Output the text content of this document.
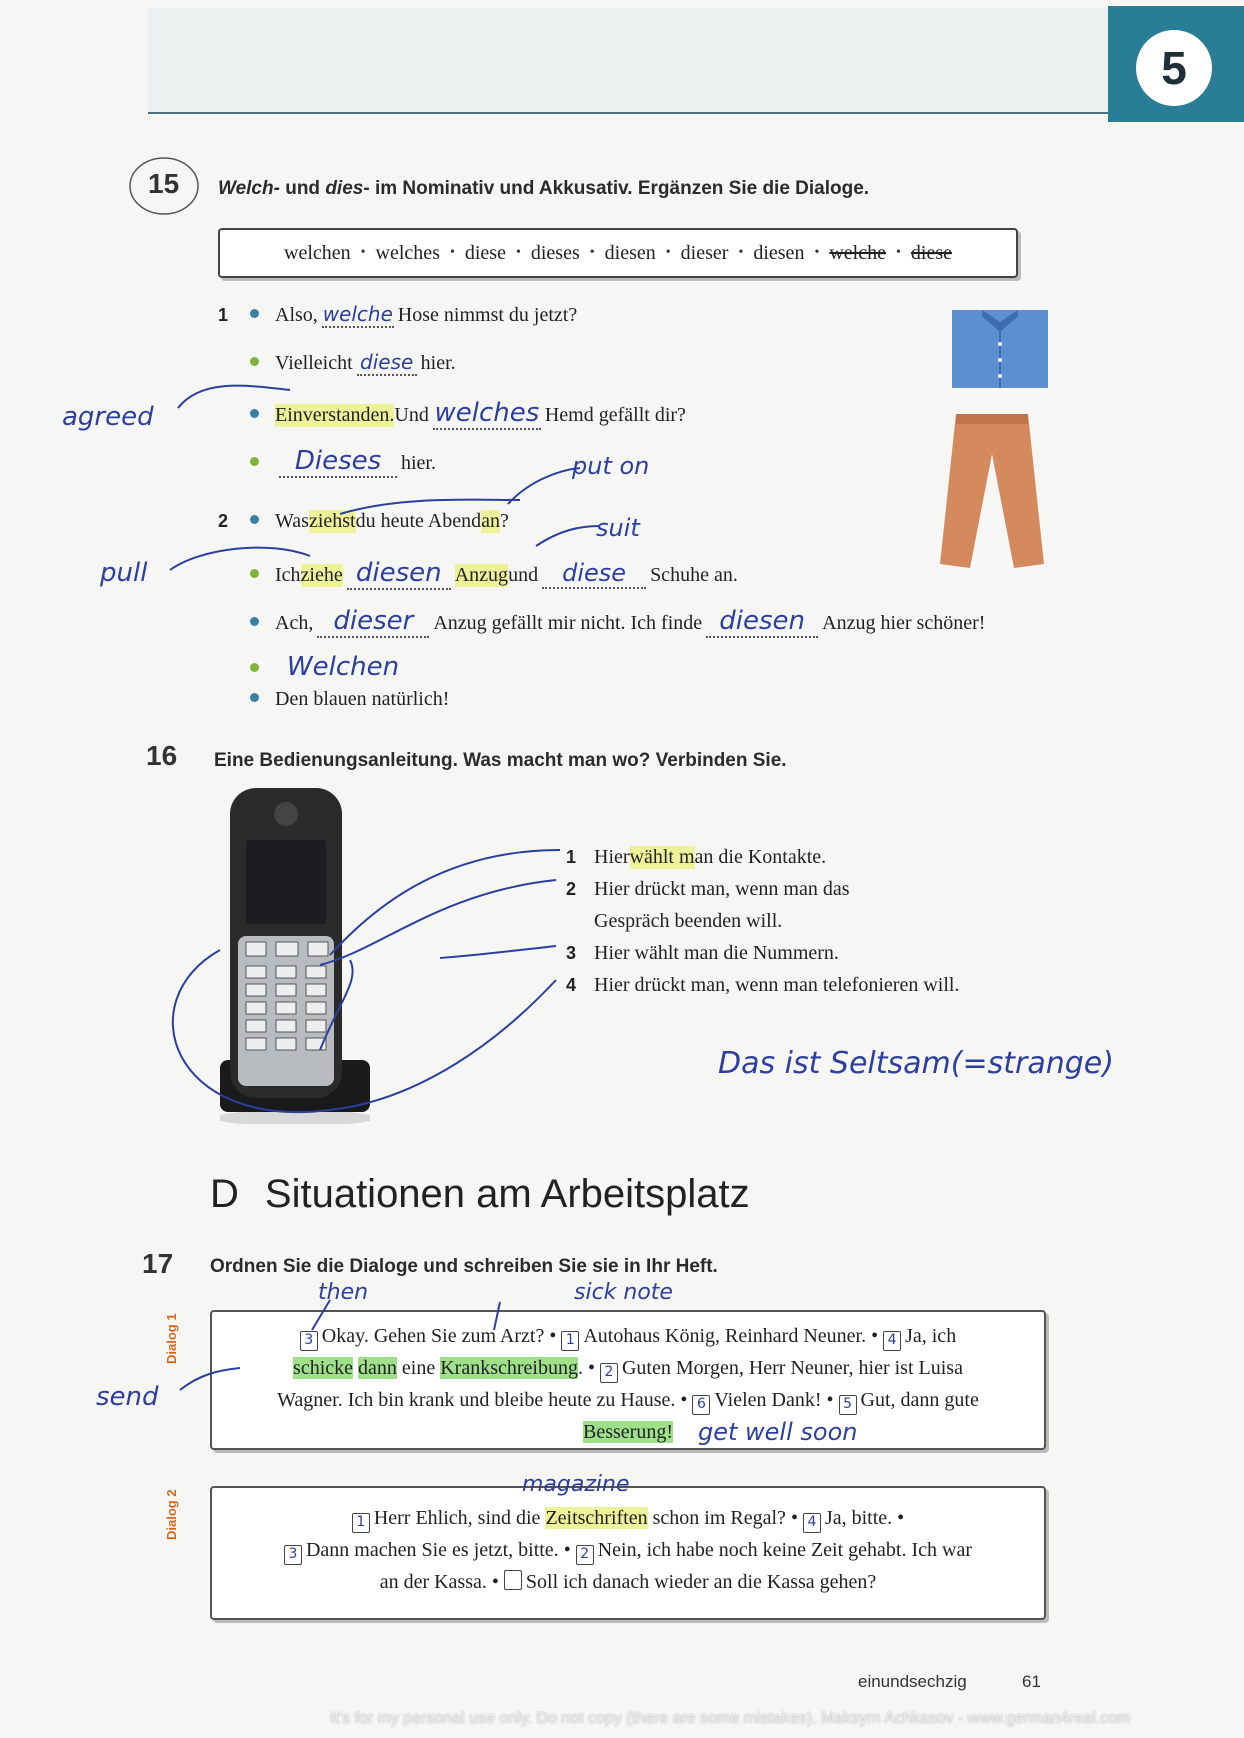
5
15 Welch- und dies- im Nominativ und Akkusativ. Ergänzen Sie die Dialoge.
welchen • welches • diese • dieses • diesen • dieser • diesen • welche • diese
1	Also, welche Hose nimmst du jetzt?
Vielleicht diese hier.
Einverstanden. Und welches Hemd gefällt dir?
Dieses hier.
2	Was ziehst du heute Abend an ?
Ich ziehe diesen Anzug und	diese	Schuhe an.
Ach, dieser	Anzug gefällt mir nicht. Ich finde diesen Anzug hier schöner!
Welchen
Den blauen natürlich!
16 Eine Bedienungsanleitung. Was macht man wo? Verbinden Sie.
1 Hier wählt m an die Kontakte.
2 Hier drückt man, wenn man das
Gespräch beenden will.
3 Hier wählt man die Nummern.
4 Hier drückt man, wenn man telefonieren will.
D Situationen am Arbeitsplatz
17 Ordnen Sie die Dialoge und schreiben Sie sie in Ihr Heft.
Dialog 1	3 Okay. Gehen Sie zum Arzt? • 1 Autohaus König, Reinhard Neuner. • 4 Ja, ich
schicke dann eine Krankschreibung. • 2 Guten Morgen, Herr Neuner, hier ist Luisa
Wagner. Ich bin krank und bleibe heute zu Hause. • 6 Vielen Dank! • 5 Gut, dann gute
Besserung!
Dialog 2	1 Herr Ehlich, sind die Zeitschriften schon im Regal? • 4 Ja, bitte. •
3 Dann machen Sie es jetzt, bitte. • 2 Nein, ich habe noch keine Zeit gehabt. Ich war
an der Kassa. • Soll ich danach wieder an die Kassa gehen?
agreed
put on
suit
pull
Das ist Seltsam(=strange)
then	sick note
send
get well soon
magazine
einundsechzig	61
It's for my personal use only. Do not copy (there are some mistakes). Maksym Achkasov - www.german4real.com
